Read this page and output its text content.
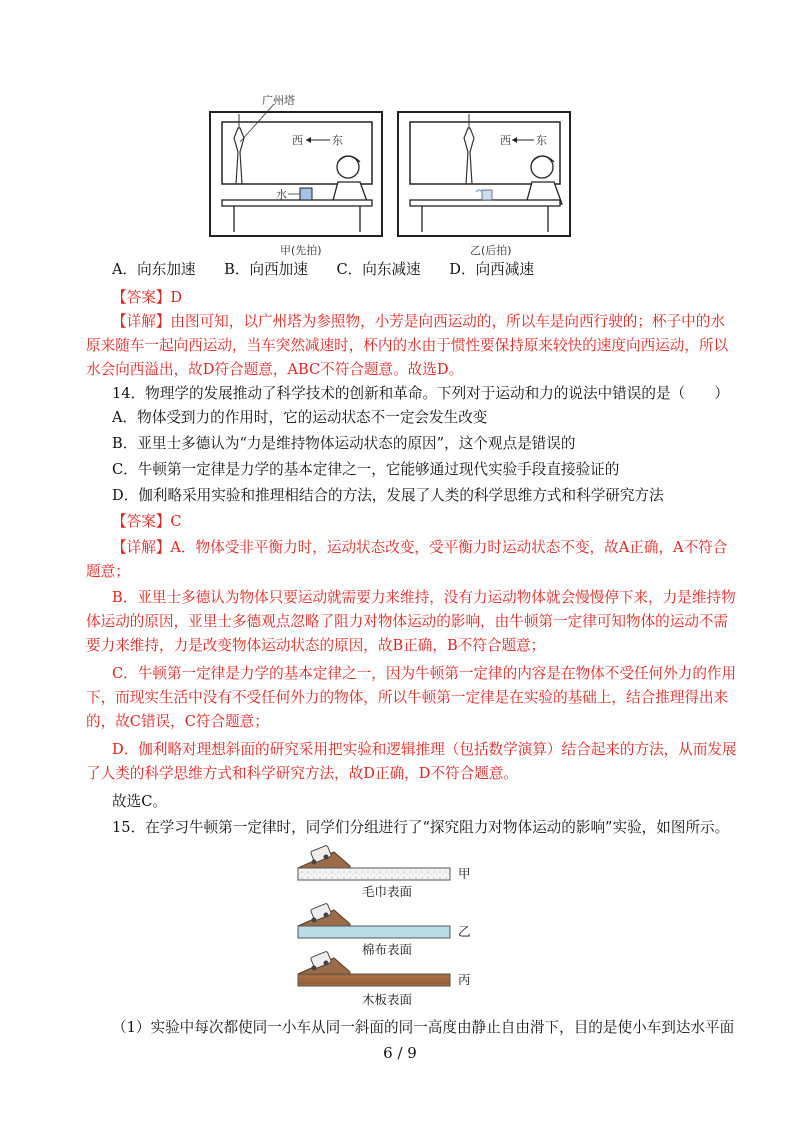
广州塔
西	东
水
甲(先拍)
西 东
乙(后拍)
A．向东加速 B．向西加速 C．向东减速 D．向西减速
【答案】D
【详解】由图可知，以广州塔为参照物，小芳是向西运动的，所以车是向西行驶的；杯子中的水
原来随车一起向西运动，当车突然减速时，杯内的水由于惯性要保持原来较快的速度向西运动，所以
水会向西溢出，故D符合题意，ABC不符合题意。故选D。
14．物理学的发展推动了科学技术的创新和革命。下列对于运动和力的说法中错误的是（　　）
A．物体受到力的作用时，它的运动状态不一定会发生改变
B．亚里士多德认为“力是维持物体运动状态的原因”，这个观点是错误的
C．牛顿第一定律是力学的基本定律之一，它能够通过现代实验手段直接验证的
D．伽利略采用实验和推理相结合的方法，发展了人类的科学思维方式和科学研究方法
【答案】C
【详解】A．物体受非平衡力时，运动状态改变，受平衡力时运动状态不变，故A正确，A不符合
题意；
B．亚里士多德认为物体只要运动就需要力来维持，没有力运动物体就会慢慢停下来，力是维持物
体运动的原因，亚里士多德观点忽略了阻力对物体运动的影响，由牛顿第一定律可知物体的运动不需
要力来维持，力是改变物体运动状态的原因，故B正确，B不符合题意；
C．牛顿第一定律是力学的基本定律之一，因为牛顿第一定律的内容是在物体不受任何外力的作用
下，而现实生活中没有不受任何外力的物体，所以牛顿第一定律是在实验的基础上，结合推理得出来
的，故C错误，C符合题意；
D．伽利略对理想斜面的研究采用把实验和逻辑推理（包括数学演算）结合起来的方法，从而发展
了人类的科学思维方式和科学研究方法，故D正确，D不符合题意。
故选C。
15．在学习牛顿第一定律时，同学们分组进行了“探究阻力对物体运动的影响”实验，如图所示。
毛巾表面
甲
棉布表面
乙
木板表面
丙
（1）实验中每次都使同一小车从同一斜面的同一高度由静止自由滑下，目的是使小车到达水平面
6 / 9
